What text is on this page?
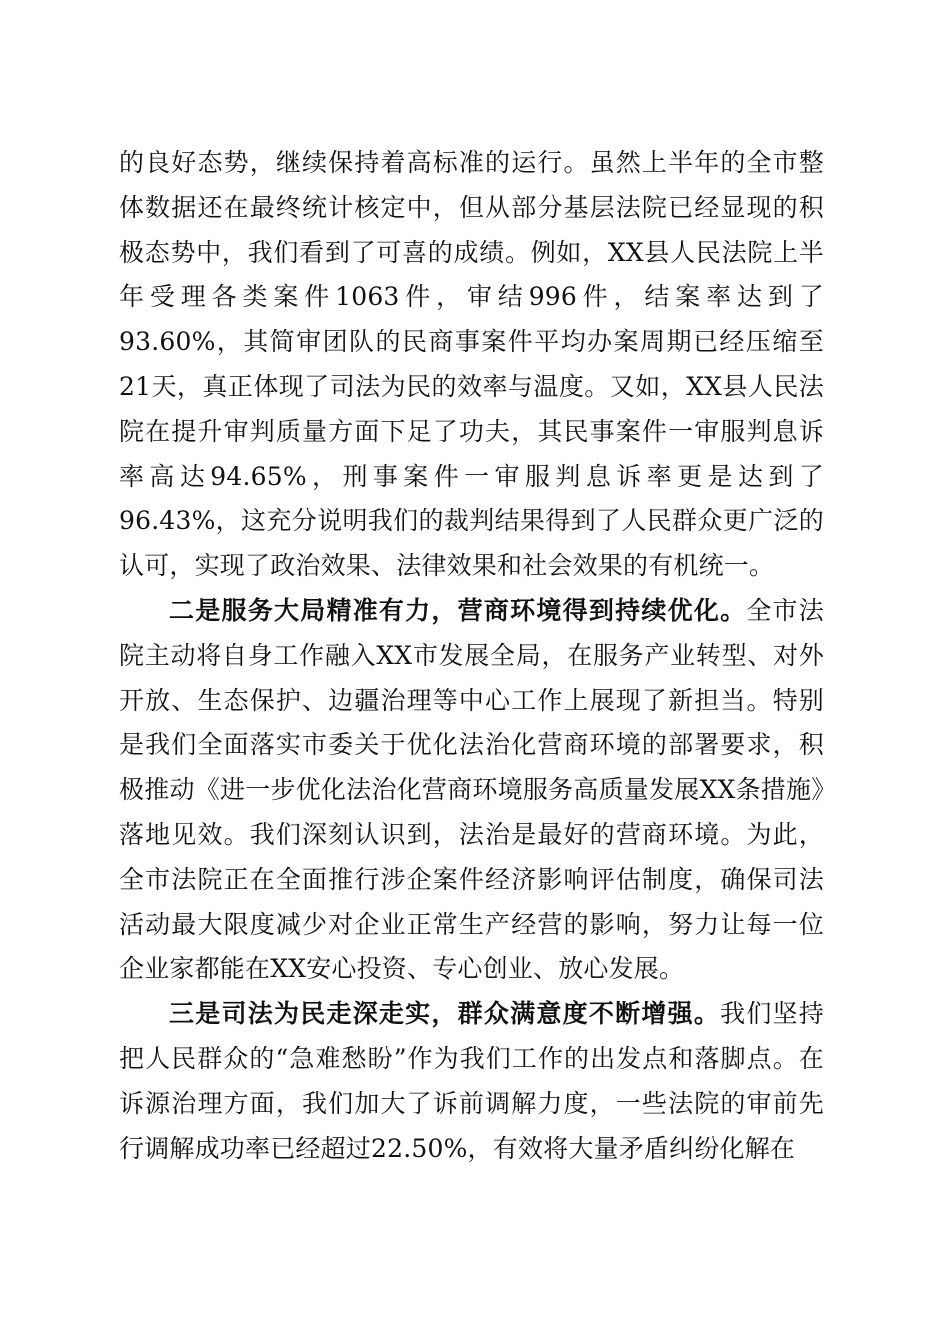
的良好态势，继续保持着高标准的运行。虽然上半年的全市整体数据还在最终统计核定中，但从部分基层法院已经显现的积极态势中，我们看到了可喜的成绩。例如，XX县人民法院上半年受理各类案件1063件，审结996件，结案率达到了93.60%，其简审团队的民商事案件平均办案周期已经压缩至21天，真正体现了司法为民的效率与温度。又如，XX县人民法院在提升审判质量方面下足了功夫，其民事案件一审服判息诉率高达94.65%，刑事案件一审服判息诉率更是达到了96.43%，这充分说明我们的裁判结果得到了人民群众更广泛的认可，实现了政治效果、法律效果和社会效果的有机统一。

二是服务大局精准有力，营商环境得到持续优化。全市法院主动将自身工作融入XX市发展全局，在服务产业转型、对外开放、生态保护、边疆治理等中心工作上展现了新担当。特别是我们全面落实市委关于优化法治化营商环境的部署要求，积极推动《进一步优化法治化营商环境服务高质量发展XX条措施》落地见效。我们深刻认识到，法治是最好的营商环境。为此，全市法院正在全面推行涉企案件经济影响评估制度，确保司法活动最大限度减少对企业正常生产经营的影响，努力让每一位企业家都能在XX安心投资、专心创业、放心发展。

三是司法为民走深走实，群众满意度不断增强。我们坚持把人民群众的“急难愁盼”作为我们工作的出发点和落脚点。在诉源治理方面，我们加大了诉前调解力度，一些法院的审前先行调解成功率已经超过22.50%，有效将大量矛盾纠纷化解在
